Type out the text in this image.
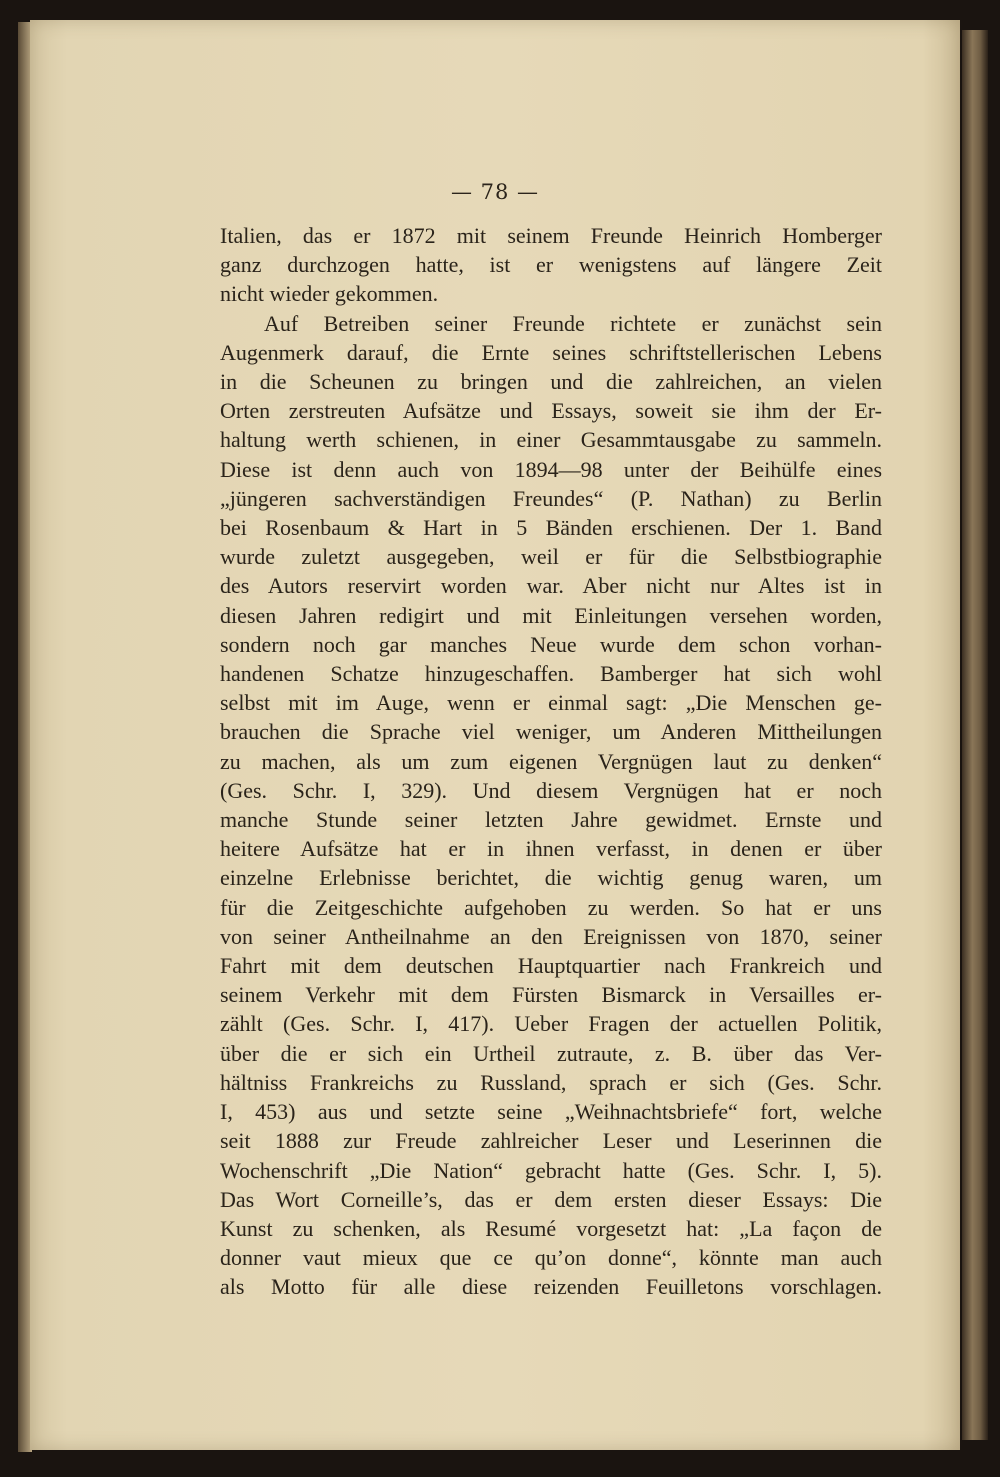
— 78 —
Italien, das er 1872 mit seinem Freunde Heinrich Homberger
ganz durchzogen hatte, ist er wenigstens auf längere Zeit
nicht wieder gekommen.
Auf Betreiben seiner Freunde richtete er zunächst sein
Augenmerk darauf, die Ernte seines schriftstellerischen Lebens
in die Scheunen zu bringen und die zahlreichen, an vielen
Orten zerstreuten Aufsätze und Essays, soweit sie ihm der Er-
haltung werth schienen, in einer Gesammtausgabe zu sammeln.
Diese ist denn auch von 1894—98 unter der Beihülfe eines
„jüngeren sachverständigen Freundes“ (P. Nathan) zu Berlin
bei Rosenbaum & Hart in 5 Bänden erschienen. Der 1. Band
wurde zuletzt ausgegeben, weil er für die Selbstbiographie
des Autors reservirt worden war. Aber nicht nur Altes ist in
diesen Jahren redigirt und mit Einleitungen versehen worden,
sondern noch gar manches Neue wurde dem schon vorhan-
handenen Schatze hinzugeschaffen. Bamberger hat sich wohl
selbst mit im Auge, wenn er einmal sagt: „Die Menschen ge-
brauchen die Sprache viel weniger, um Anderen Mittheilungen
zu machen, als um zum eigenen Vergnügen laut zu denken“
(Ges. Schr. I, 329). Und diesem Vergnügen hat er noch
manche Stunde seiner letzten Jahre gewidmet. Ernste und
heitere Aufsätze hat er in ihnen verfasst, in denen er über
einzelne Erlebnisse berichtet, die wichtig genug waren, um
für die Zeitgeschichte aufgehoben zu werden. So hat er uns
von seiner Antheilnahme an den Ereignissen von 1870, seiner
Fahrt mit dem deutschen Hauptquartier nach Frankreich und
seinem Verkehr mit dem Fürsten Bismarck in Versailles er-
zählt (Ges. Schr. I, 417). Ueber Fragen der actuellen Politik,
über die er sich ein Urtheil zutraute, z. B. über das Ver-
hältniss Frankreichs zu Russland, sprach er sich (Ges. Schr.
I, 453) aus und setzte seine „Weihnachtsbriefe“ fort, welche
seit 1888 zur Freude zahlreicher Leser und Leserinnen die
Wochenschrift „Die Nation“ gebracht hatte (Ges. Schr. I, 5).
Das Wort Corneille’s, das er dem ersten dieser Essays: Die
Kunst zu schenken, als Resumé vorgesetzt hat: „La façon de
donner vaut mieux que ce qu’on donne“, könnte man auch
als Motto für alle diese reizenden Feuilletons vorschlagen.
